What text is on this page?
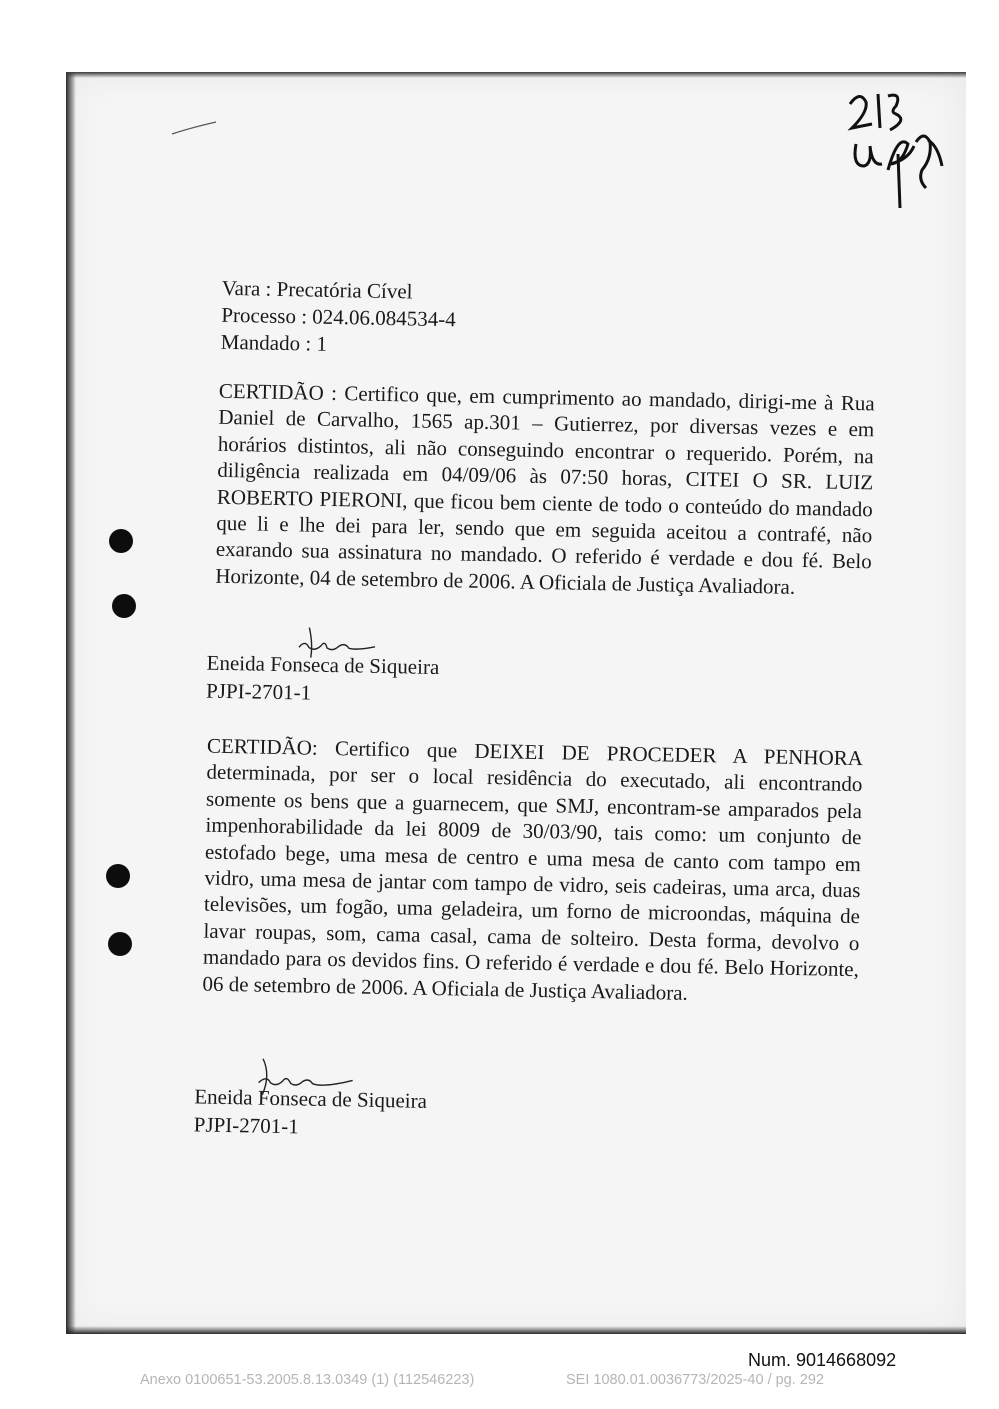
Vara : Precatória Cível
Processo : 024.06.084534-4
Mandado : 1
CERTIDÃO : Certifico que, em cumprimento ao mandado, dirigi-me à Rua Daniel de Carvalho, 1565 ap.301 – Gutierrez, por diversas vezes e em horários distintos, ali não conseguindo encontrar o requerido. Porém, na diligência realizada em 04/09/06 às 07:50 horas, CITEI O SR. LUIZ ROBERTO PIERONI, que ficou bem ciente de todo o conteúdo do mandado que li e lhe dei para ler, sendo que em seguida aceitou a contrafé, não exarando sua assinatura no mandado. O referido é verdade e dou fé. Belo Horizonte, 04 de setembro de 2006. A Oficiala de Justiça Avaliadora.
Eneida Fonseca de Siqueira
PJPI-2701-1
CERTIDÃO: Certifico que DEIXEI DE PROCEDER A PENHORA determinada, por ser o local residência do executado, ali encontrando somente os bens que a guarnecem, que SMJ, encontram-se amparados pela impenhorabilidade da lei 8009 de 30/03/90, tais como: um conjunto de estofado bege, uma mesa de centro e uma mesa de canto com tampo em vidro, uma mesa de jantar com tampo de vidro, seis cadeiras, uma arca, duas televisões, um fogão, uma geladeira, um forno de microondas, máquina de lavar roupas, som, cama casal, cama de solteiro. Desta forma, devolvo o mandado para os devidos fins. O referido é verdade e dou fé. Belo Horizonte, 06 de setembro de 2006. A Oficiala de Justiça Avaliadora.
Eneida Fonseca de Siqueira
PJPI-2701-1
Num. 9014668092
Anexo 0100651-53.2005.8.13.0349 (1) (112546223)	SEI 1080.01.0036773/2025-40 / pg. 292
